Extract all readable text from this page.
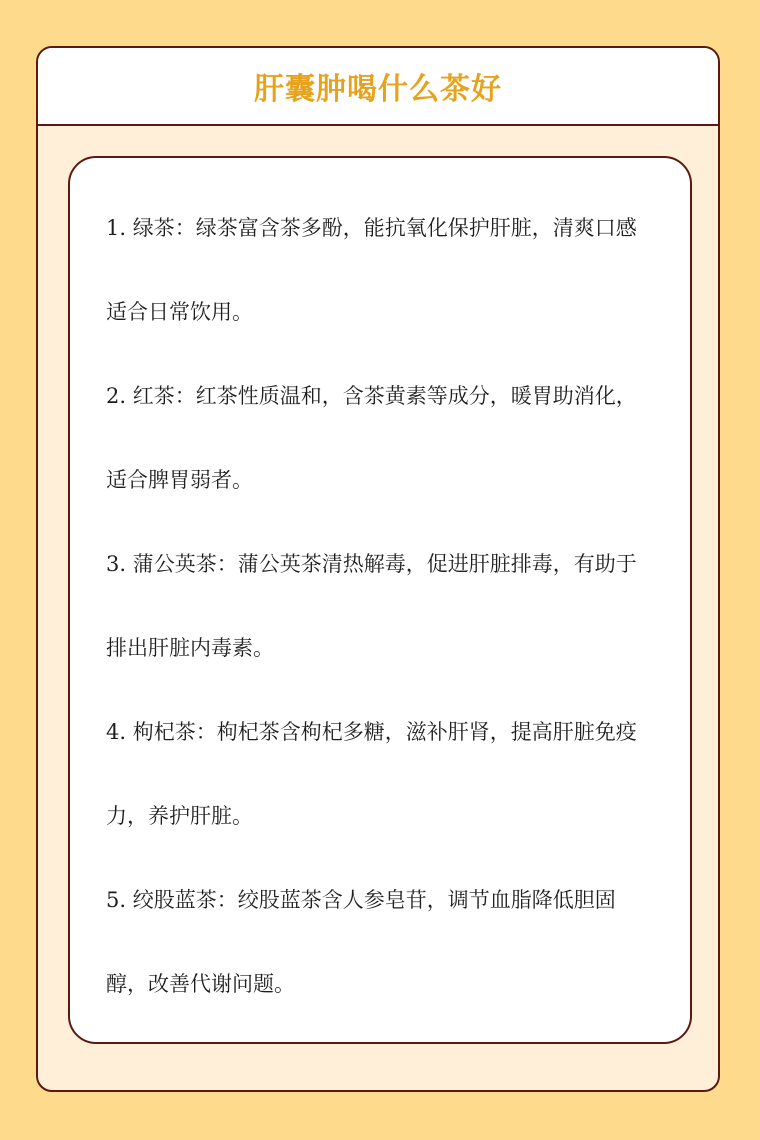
肝囊肿喝什么茶好

1. 绿茶：绿茶富含茶多酚，能抗氧化保护肝脏，清爽口感适合日常饮用。

2. 红茶：红茶性质温和，含茶黄素等成分，暖胃助消化，适合脾胃弱者。

3. 蒲公英茶：蒲公英茶清热解毒，促进肝脏排毒，有助于排出肝脏内毒素。

4. 枸杞茶：枸杞茶含枸杞多糖，滋补肝肾，提高肝脏免疫力，养护肝脏。

5. 绞股蓝茶：绞股蓝茶含人参皂苷，调节血脂降低胆固醇，改善代谢问题。
